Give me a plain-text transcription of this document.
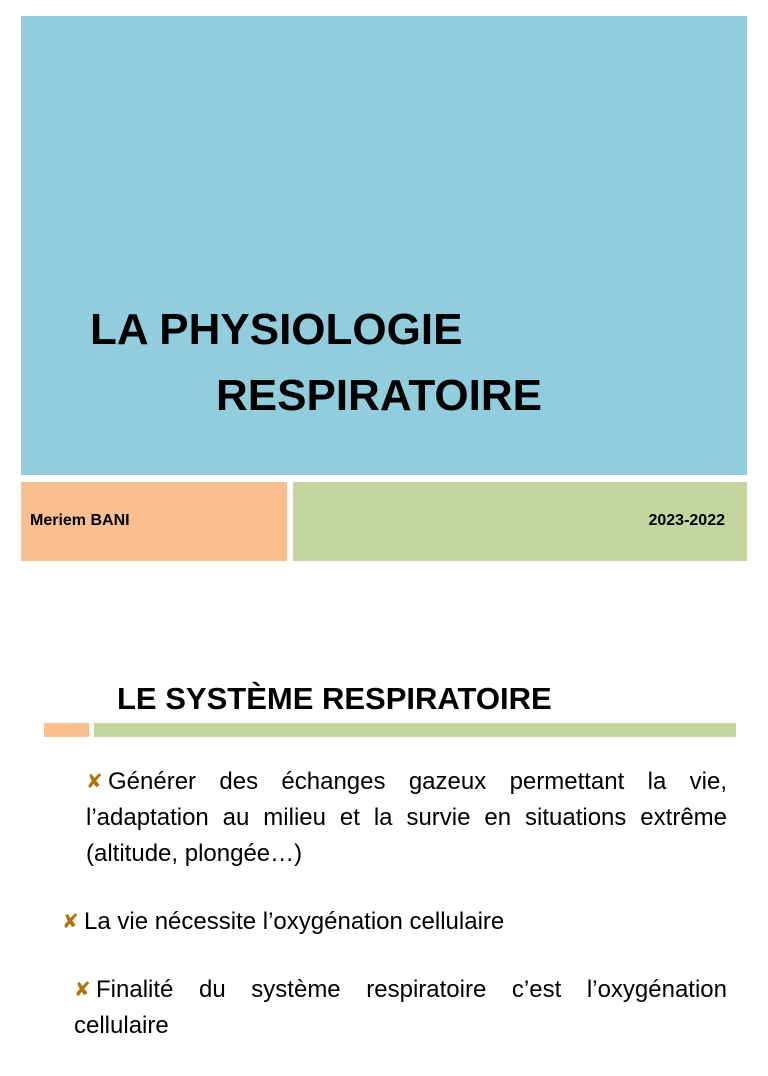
LA PHYSIOLOGIE
RESPIRATOIRE
Meriem BANI	2023-2022
LE SYSTÈME RESPIRATOIRE

✘ Générer des échanges gazeux permettant la vie, l’adaptation au milieu et la survie en situations extrême (altitude, plongée…)

✘ La vie nécessite l’oxygénation cellulaire

✘ Finalité du système respiratoire c’est l’oxygénation cellulaire
